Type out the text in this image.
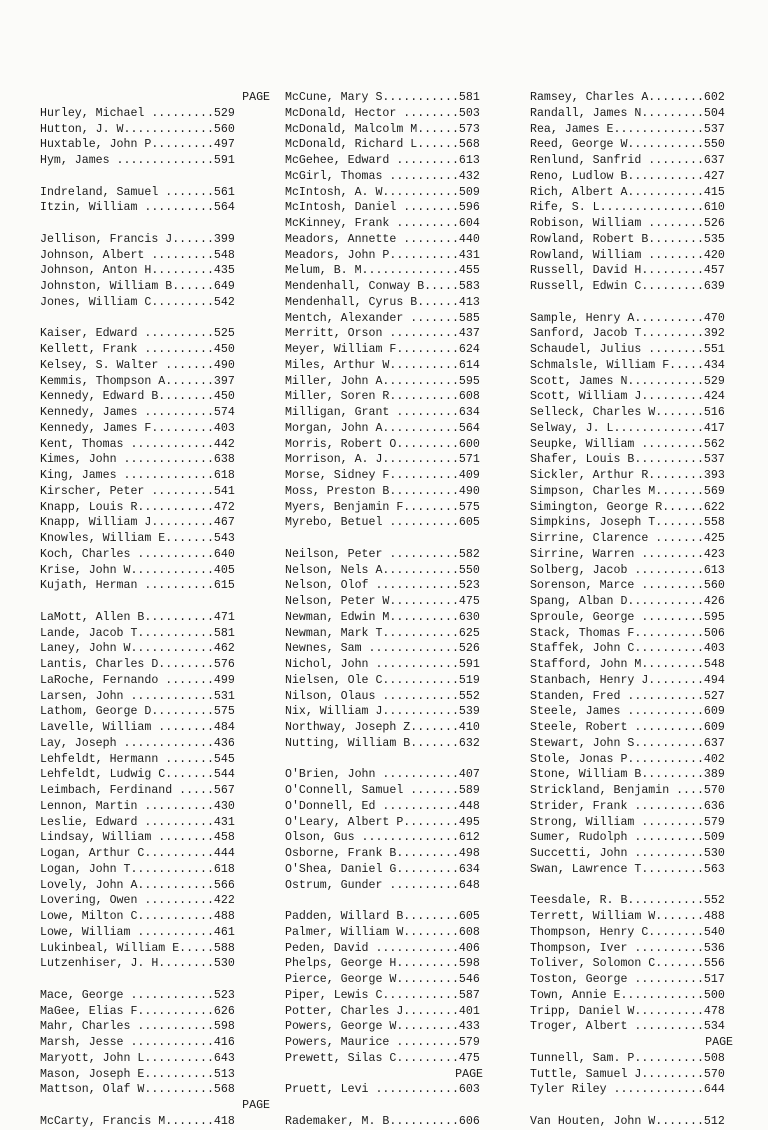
PAGE
Hurley, Michael .........529
Hutton, J. W.............560
Huxtable, John P.........497
Hym, James ..............591
Indreland, Samuel .......561
Itzin, William ..........564
Jellison, Francis J......399
Johnson, Albert .........548
Johnson, Anton H.........435
Johnston, William B......649
Jones, William C.........542
Kaiser, Edward ..........525
Kellett, Frank ..........450
Kelsey, S. Walter .......490
Kemmis, Thompson A.......397
Kennedy, Edward B........450
Kennedy, James ..........574
Kennedy, James F.........403
Kent, Thomas ............442
Kimes, John .............638
King, James .............618
Kirscher, Peter .........541
Knapp, Louis R...........472
Knapp, William J.........467
Knowles, William E.......543
Koch, Charles ...........640
Krise, John W............405
Kujath, Herman ..........615
LaMott, Allen B..........471
Lande, Jacob T...........581
Laney, John W............462
Lantis, Charles D........576
LaRoche, Fernando .......499
Larsen, John ............531
Lathom, George D.........575
Lavelle, William ........484
Lay, Joseph .............436
Lehfeldt, Hermann .......545
Lehfeldt, Ludwig C.......544
Leimbach, Ferdinand .....567
Lennon, Martin ..........430
Leslie, Edward ..........431
Lindsay, William ........458
Logan, Arthur C..........444
Logan, John T............618
Lovely, John A...........566
Lovering, Owen ..........422
Lowe, Milton C...........488
Lowe, William ...........461
Lukinbeal, William E.....588
Lutzenhiser, J. H........530
Mace, George ............523
MaGee, Elias F...........626
Mahr, Charles ...........598
Marsh, Jesse ............416
Maryott, John L..........643
Mason, Joseph E..........513
Mattson, Olaf W..........568
PAGE
McCarty, Francis M.......418
McCune, Mary S...........581
McDonald, Hector ........503
McDonald, Malcolm M......573
McDonald, Richard L......568
McGehee, Edward .........613
McGirl, Thomas ..........432
McIntosh, A. W...........509
McIntosh, Daniel ........596
McKinney, Frank .........604
Meadors, Annette ........440
Meadors, John P..........431
Melum, B. M..............455
Mendenhall, Conway B.....583
Mendenhall, Cyrus B......413
Mentch, Alexander .......585
Merritt, Orson ..........437
Meyer, William F.........624
Miles, Arthur W..........614
Miller, John A...........595
Miller, Soren R..........608
Milligan, Grant .........634
Morgan, John A...........564
Morris, Robert O.........600
Morrison, A. J...........571
Morse, Sidney F..........409
Moss, Preston B..........490
Myers, Benjamin F........575
Myrebo, Betuel ..........605
Neilson, Peter ..........582
Nelson, Nels A...........550
Nelson, Olof ............523
Nelson, Peter W..........475
Newman, Edwin M..........630
Newman, Mark T...........625
Newnes, Sam .............526
Nichol, John ............591
Nielsen, Ole C...........519
Nilson, Olaus ...........552
Nix, William J...........539
Northway, Joseph Z.......410
Nutting, William B.......632
O'Brien, John ...........407
O'Connell, Samuel .......589
O'Donnell, Ed ...........448
O'Leary, Albert P........495
Olson, Gus ..............612
Osborne, Frank B.........498
O'Shea, Daniel G.........634
Ostrum, Gunder ..........648
Padden, Willard B........605
Palmer, William W........608
Peden, David ............406
Phelps, George H.........598
Pierce, George W.........546
Piper, Lewis C...........587
Potter, Charles J........401
Powers, George W.........433
Powers, Maurice .........579
Prewett, Silas C.........475
PAGE
Pruett, Levi ............603
Rademaker, M. B..........606
Ramsey, Charles A........602
Randall, James N.........504
Rea, James E.............537
Reed, George W...........550
Renlund, Sanfrid ........637
Reno, Ludlow B...........427
Rich, Albert A...........415
Rife, S. L...............610
Robison, William ........526
Rowland, Robert B........535
Rowland, William ........420
Russell, David H.........457
Russell, Edwin C.........639
Sample, Henry A..........470
Sanford, Jacob T.........392
Schaudel, Julius ........551
Schmalsle, William F.....434
Scott, James N...........529
Scott, William J.........424
Selleck, Charles W.......516
Selway, J. L.............417
Seupke, William .........562
Shafer, Louis B..........537
Sickler, Arthur R........393
Simpson, Charles M.......569
Simington, George R......622
Simpkins, Joseph T.......558
Sirrine, Clarence .......425
Sirrine, Warren .........423
Solberg, Jacob ..........613
Sorenson, Marce .........560
Spang, Alban D...........426
Sproule, George .........595
Stack, Thomas F..........506
Staffek, John C..........403
Stafford, John M.........548
Stanbach, Henry J........494
Standen, Fred ...........527
Steele, James ...........609
Steele, Robert ..........609
Stewart, John S..........637
Stole, Jonas P...........402
Stone, William B.........389
Strickland, Benjamin ....570
Strider, Frank ..........636
Strong, William .........579
Sumer, Rudolph ..........509
Succetti, John ..........530
Swan, Lawrence T.........563
Teesdale, R. B...........552
Terrett, William W.......488
Thompson, Henry C........540
Thompson, Iver ..........536
Toliver, Solomon C.......556
Toston, George ..........517
Town, Annie E............500
Tripp, Daniel W..........478
Troger, Albert ..........534
PAGE
Tunnell, Sam. P..........508
Tuttle, Samuel J.........570
Tyler Riley .............644
Van Houten, John W.......512
